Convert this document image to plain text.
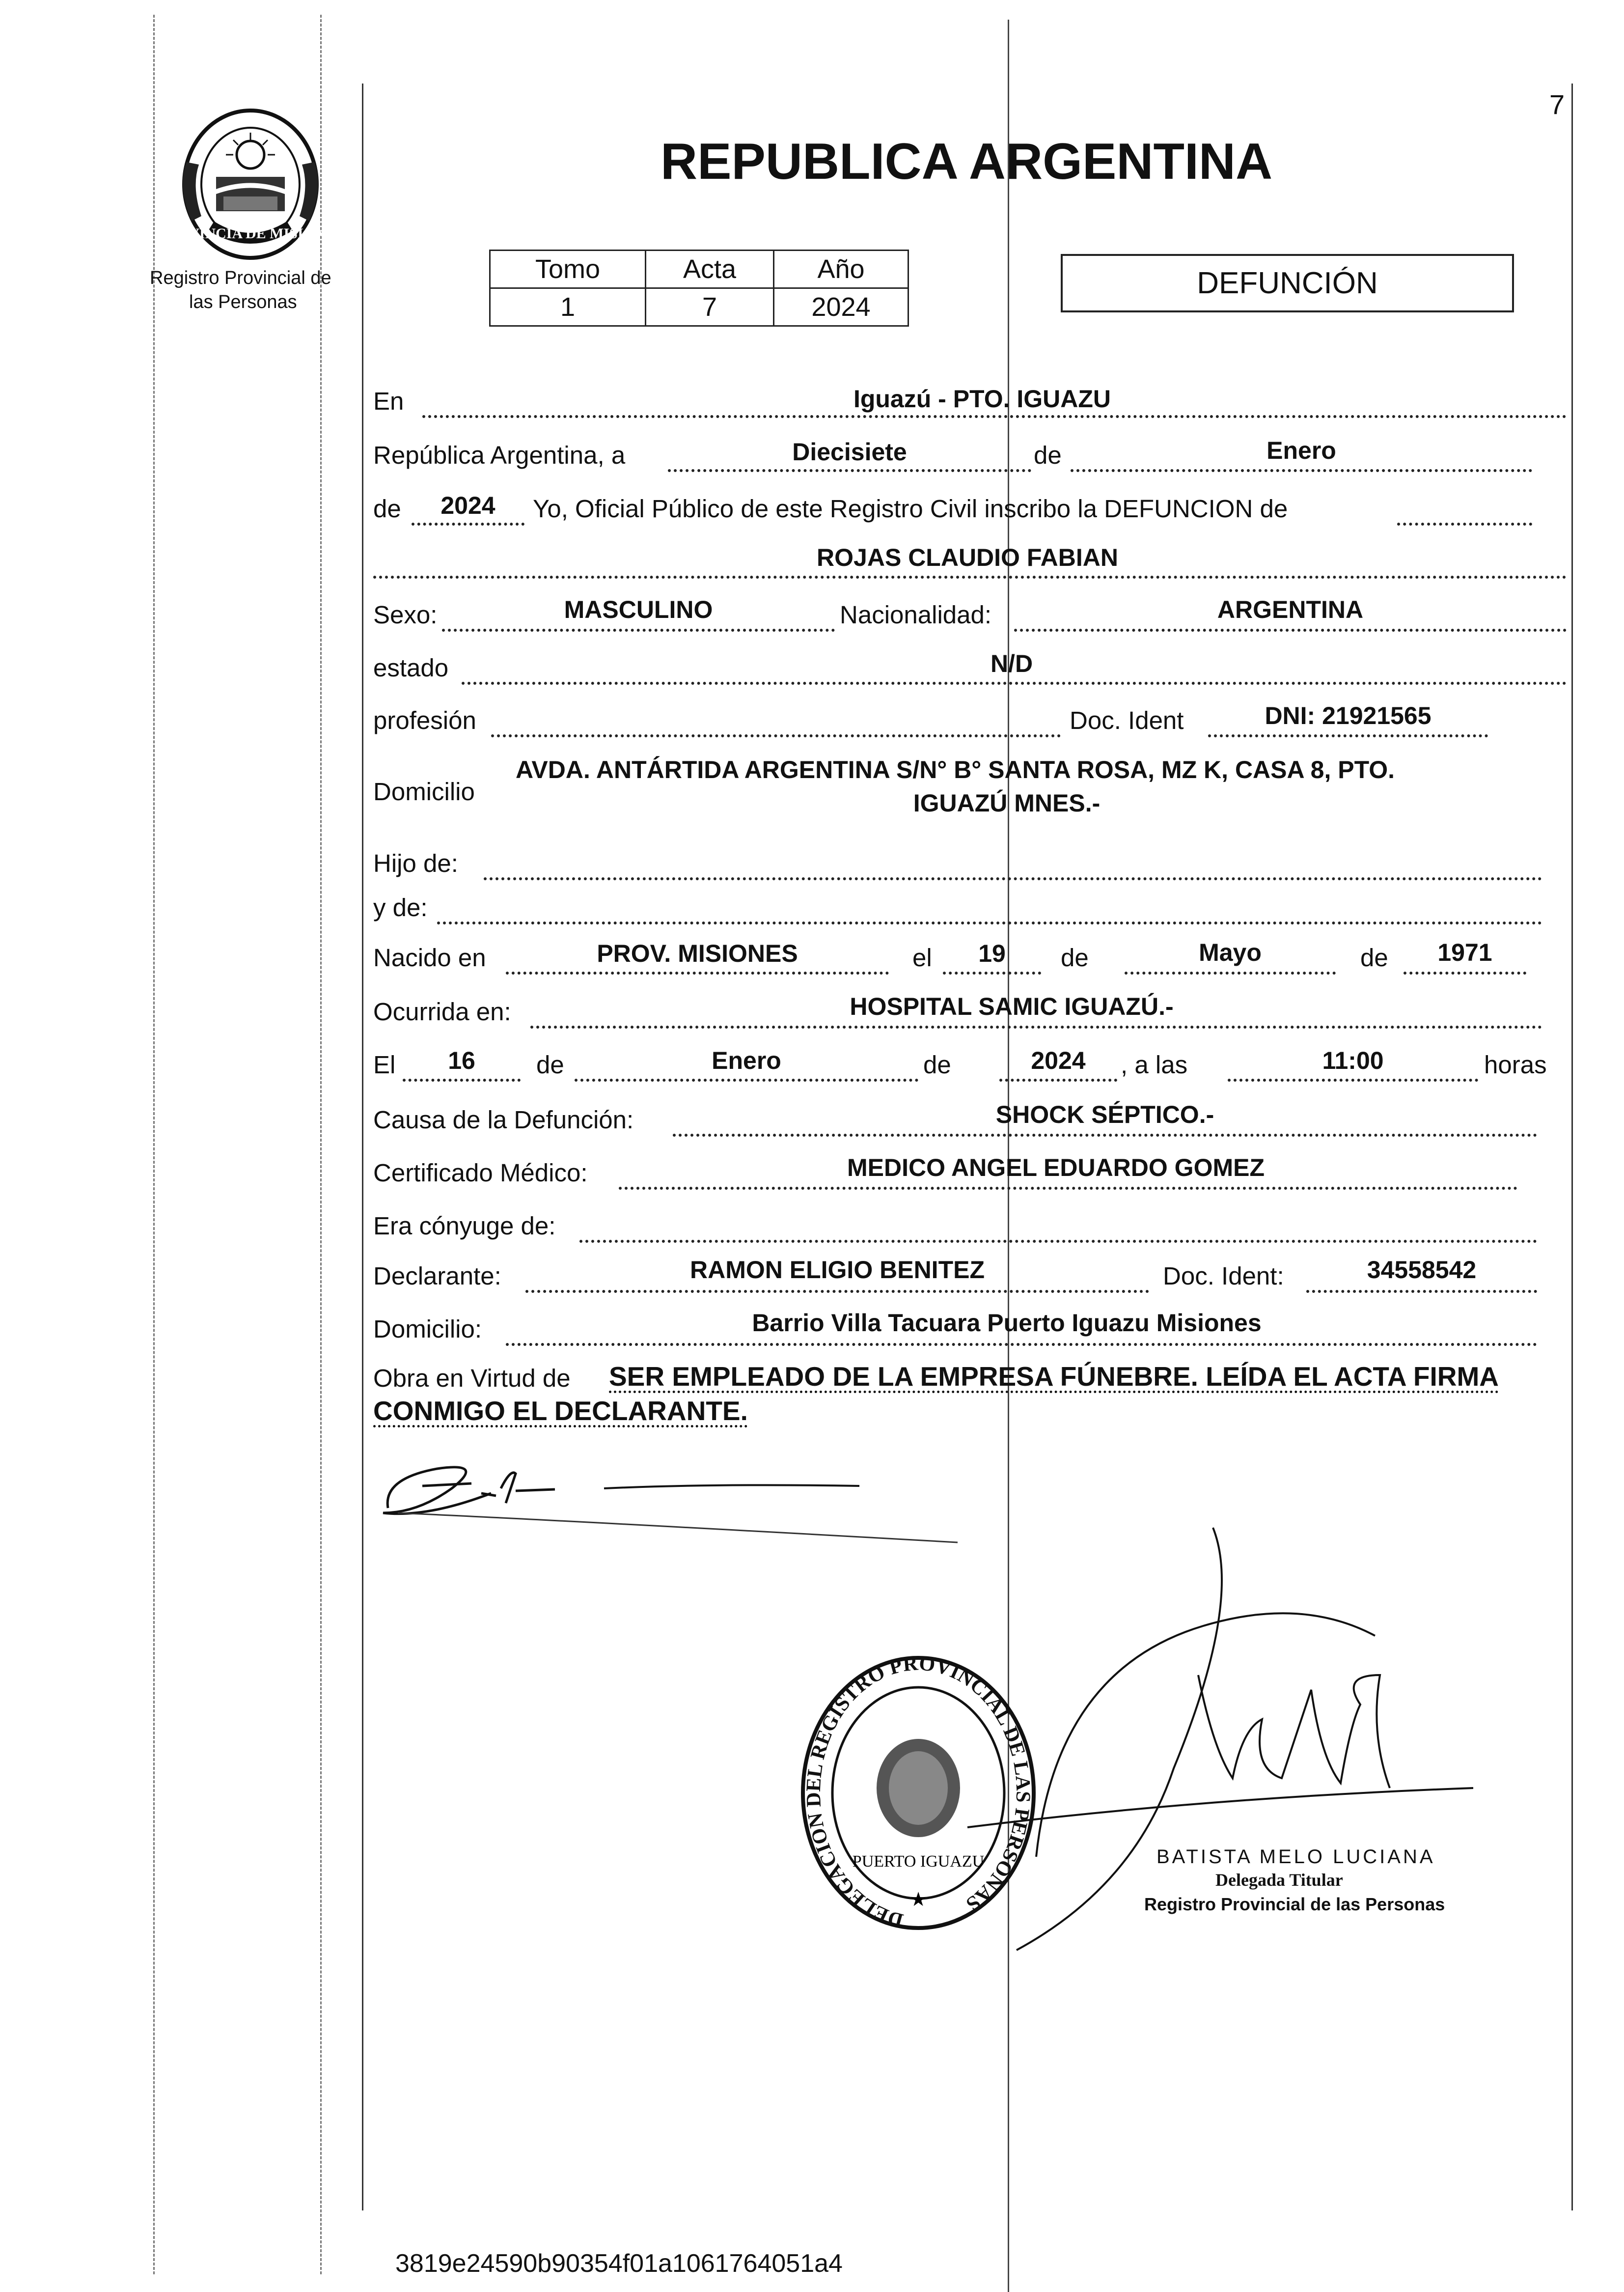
7
PROVINCIA DE MISIONES
Registro Provincial de
las Personas
REPUBLICA ARGENTINA
Tomo	Acta	Año
1	7	2024
DEFUNCIÓN
En	Iguazú - PTO. IGUAZU
República Argentina, a	Diecisiete	de	Enero
de	2024	Yo, Oficial Público de este Registro Civil inscribo la DEFUNCION de
ROJAS CLAUDIO FABIAN
Sexo:	MASCULINO	Nacionalidad:	ARGENTINA
estado	N/D
profesión	Doc. Ident	DNI: 21921565
Domicilio
AVDA. ANTÁRTIDA ARGENTINA S/N° B° SANTA ROSA, MZ K, CASA 8, PTO.
IGUAZÚ MNES.-
Hijo de:
y de:
Nacido en	PROV. MISIONES	el	19	de	Mayo	de	1971
Ocurrida en:	HOSPITAL SAMIC IGUAZÚ.-
El	16	de	Enero	de	2024	, a las	11:00	horas
Causa de la Defunción:	SHOCK SÉPTICO.-
Certificado Médico:	MEDICO ANGEL EDUARDO GOMEZ
Era cónyuge de:
Declarante:	RAMON ELIGIO BENITEZ	Doc. Ident:	34558542
Domicilio:	Barrio Villa Tacuara Puerto Iguazu Misiones
Obra en Virtud de SER EMPLEADO DE LA EMPRESA FÚNEBRE. LEÍDA EL ACTA FIRMA
CONMIGO EL DECLARANTE.
DELEGACION DEL REGISTRO PROVINCIAL DE LAS PERSONAS
PUERTO IGUAZU
★
BATISTA MELO LUCIANA
Delegada Titular
Registro Provincial de las Personas
3819e24590b90354f01a1061764051a4
